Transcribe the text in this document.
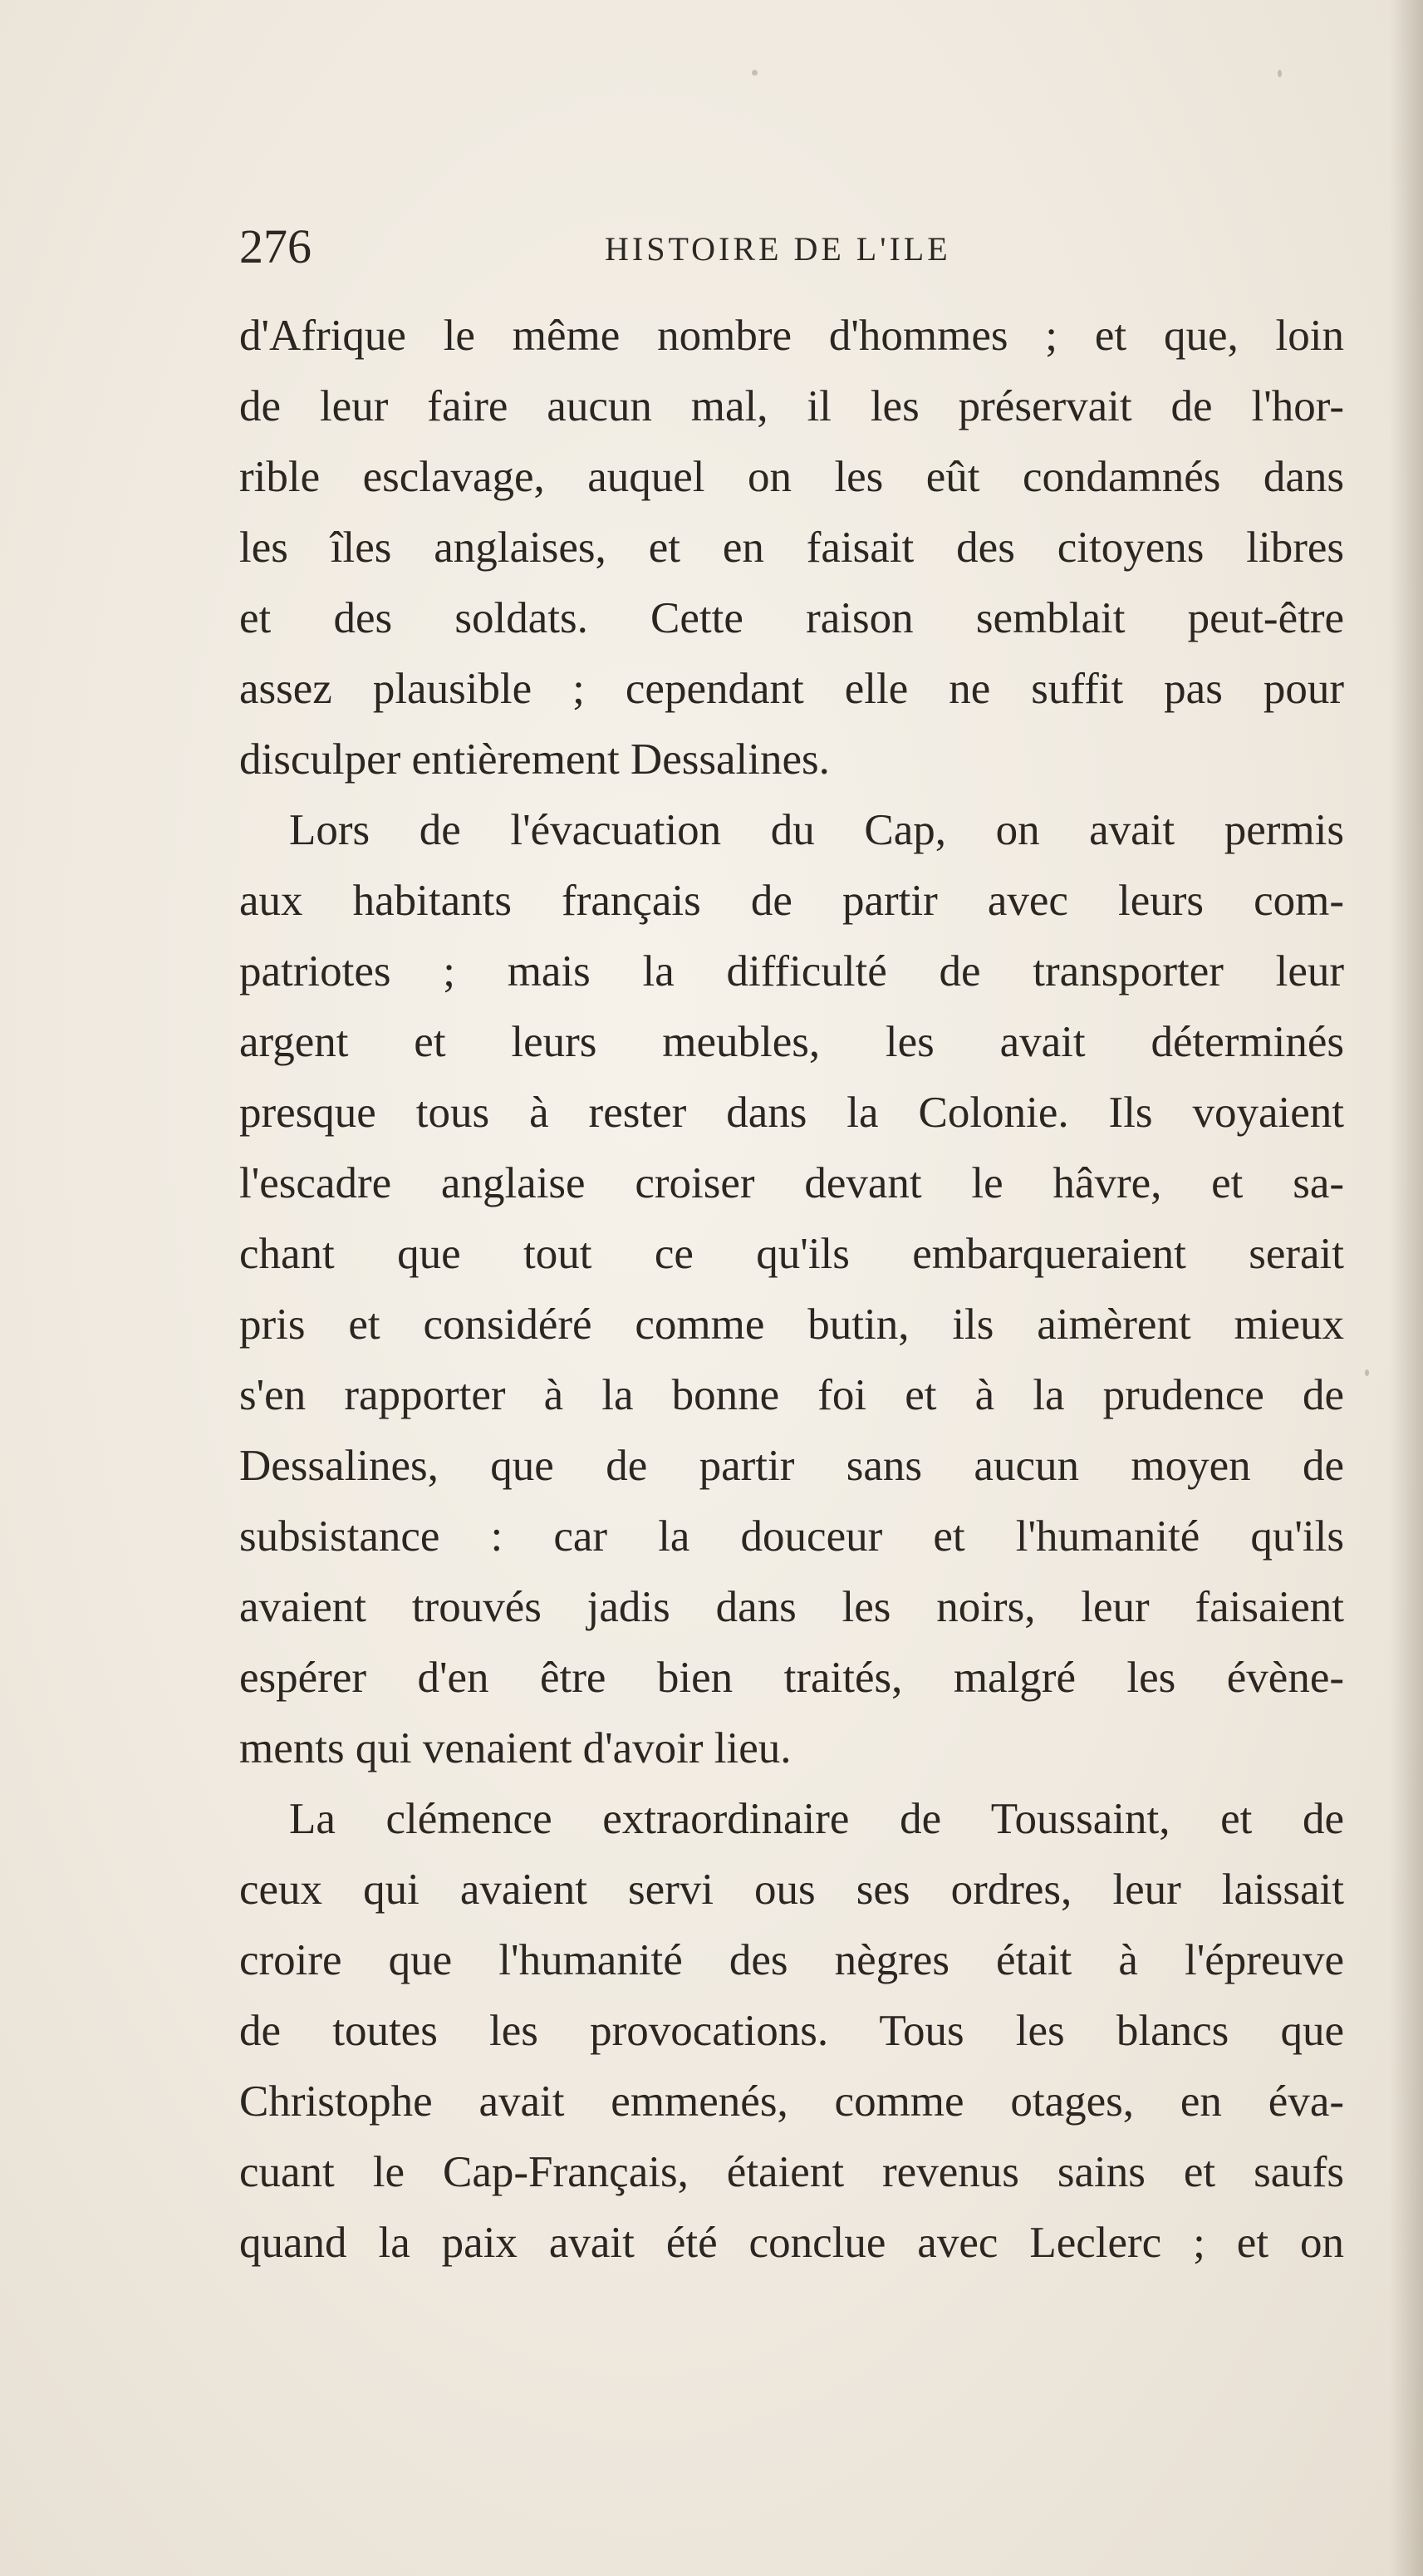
276	HISTOIRE DE L'ILE

d'Afrique le même nombre d'hommes ; et que, loin
de leur faire aucun mal, il les préservait de l'hor-
rible esclavage, auquel on les eût condamnés dans
les îles anglaises, et en faisait des citoyens libres
et des soldats. Cette raison semblait peut-être
assez plausible ; cependant elle ne suffit pas pour
disculper entièrement Dessalines.

Lors de l'évacuation du Cap, on avait permis
aux habitants français de partir avec leurs com-
patriotes ; mais la difficulté de transporter leur
argent et leurs meubles, les avait déterminés
presque tous à rester dans la Colonie. Ils voyaient
l'escadre anglaise croiser devant le hâvre, et sa-
chant que tout ce qu'ils embarqueraient serait
pris et considéré comme butin, ils aimèrent mieux
s'en rapporter à la bonne foi et à la prudence de
Dessalines, que de partir sans aucun moyen de
subsistance : car la douceur et l'humanité qu'ils
avaient trouvés jadis dans les noirs, leur faisaient
espérer d'en être bien traités, malgré les évène-
ments qui venaient d'avoir lieu.

La clémence extraordinaire de Toussaint, et de
ceux qui avaient servi ous ses ordres, leur laissait
croire que l'humanité des nègres était à l'épreuve
de toutes les provocations. Tous les blancs que
Christophe avait emmenés, comme otages, en éva-
cuant le Cap-Français, étaient revenus sains et saufs
quand la paix avait été conclue avec Leclerc ; et on
